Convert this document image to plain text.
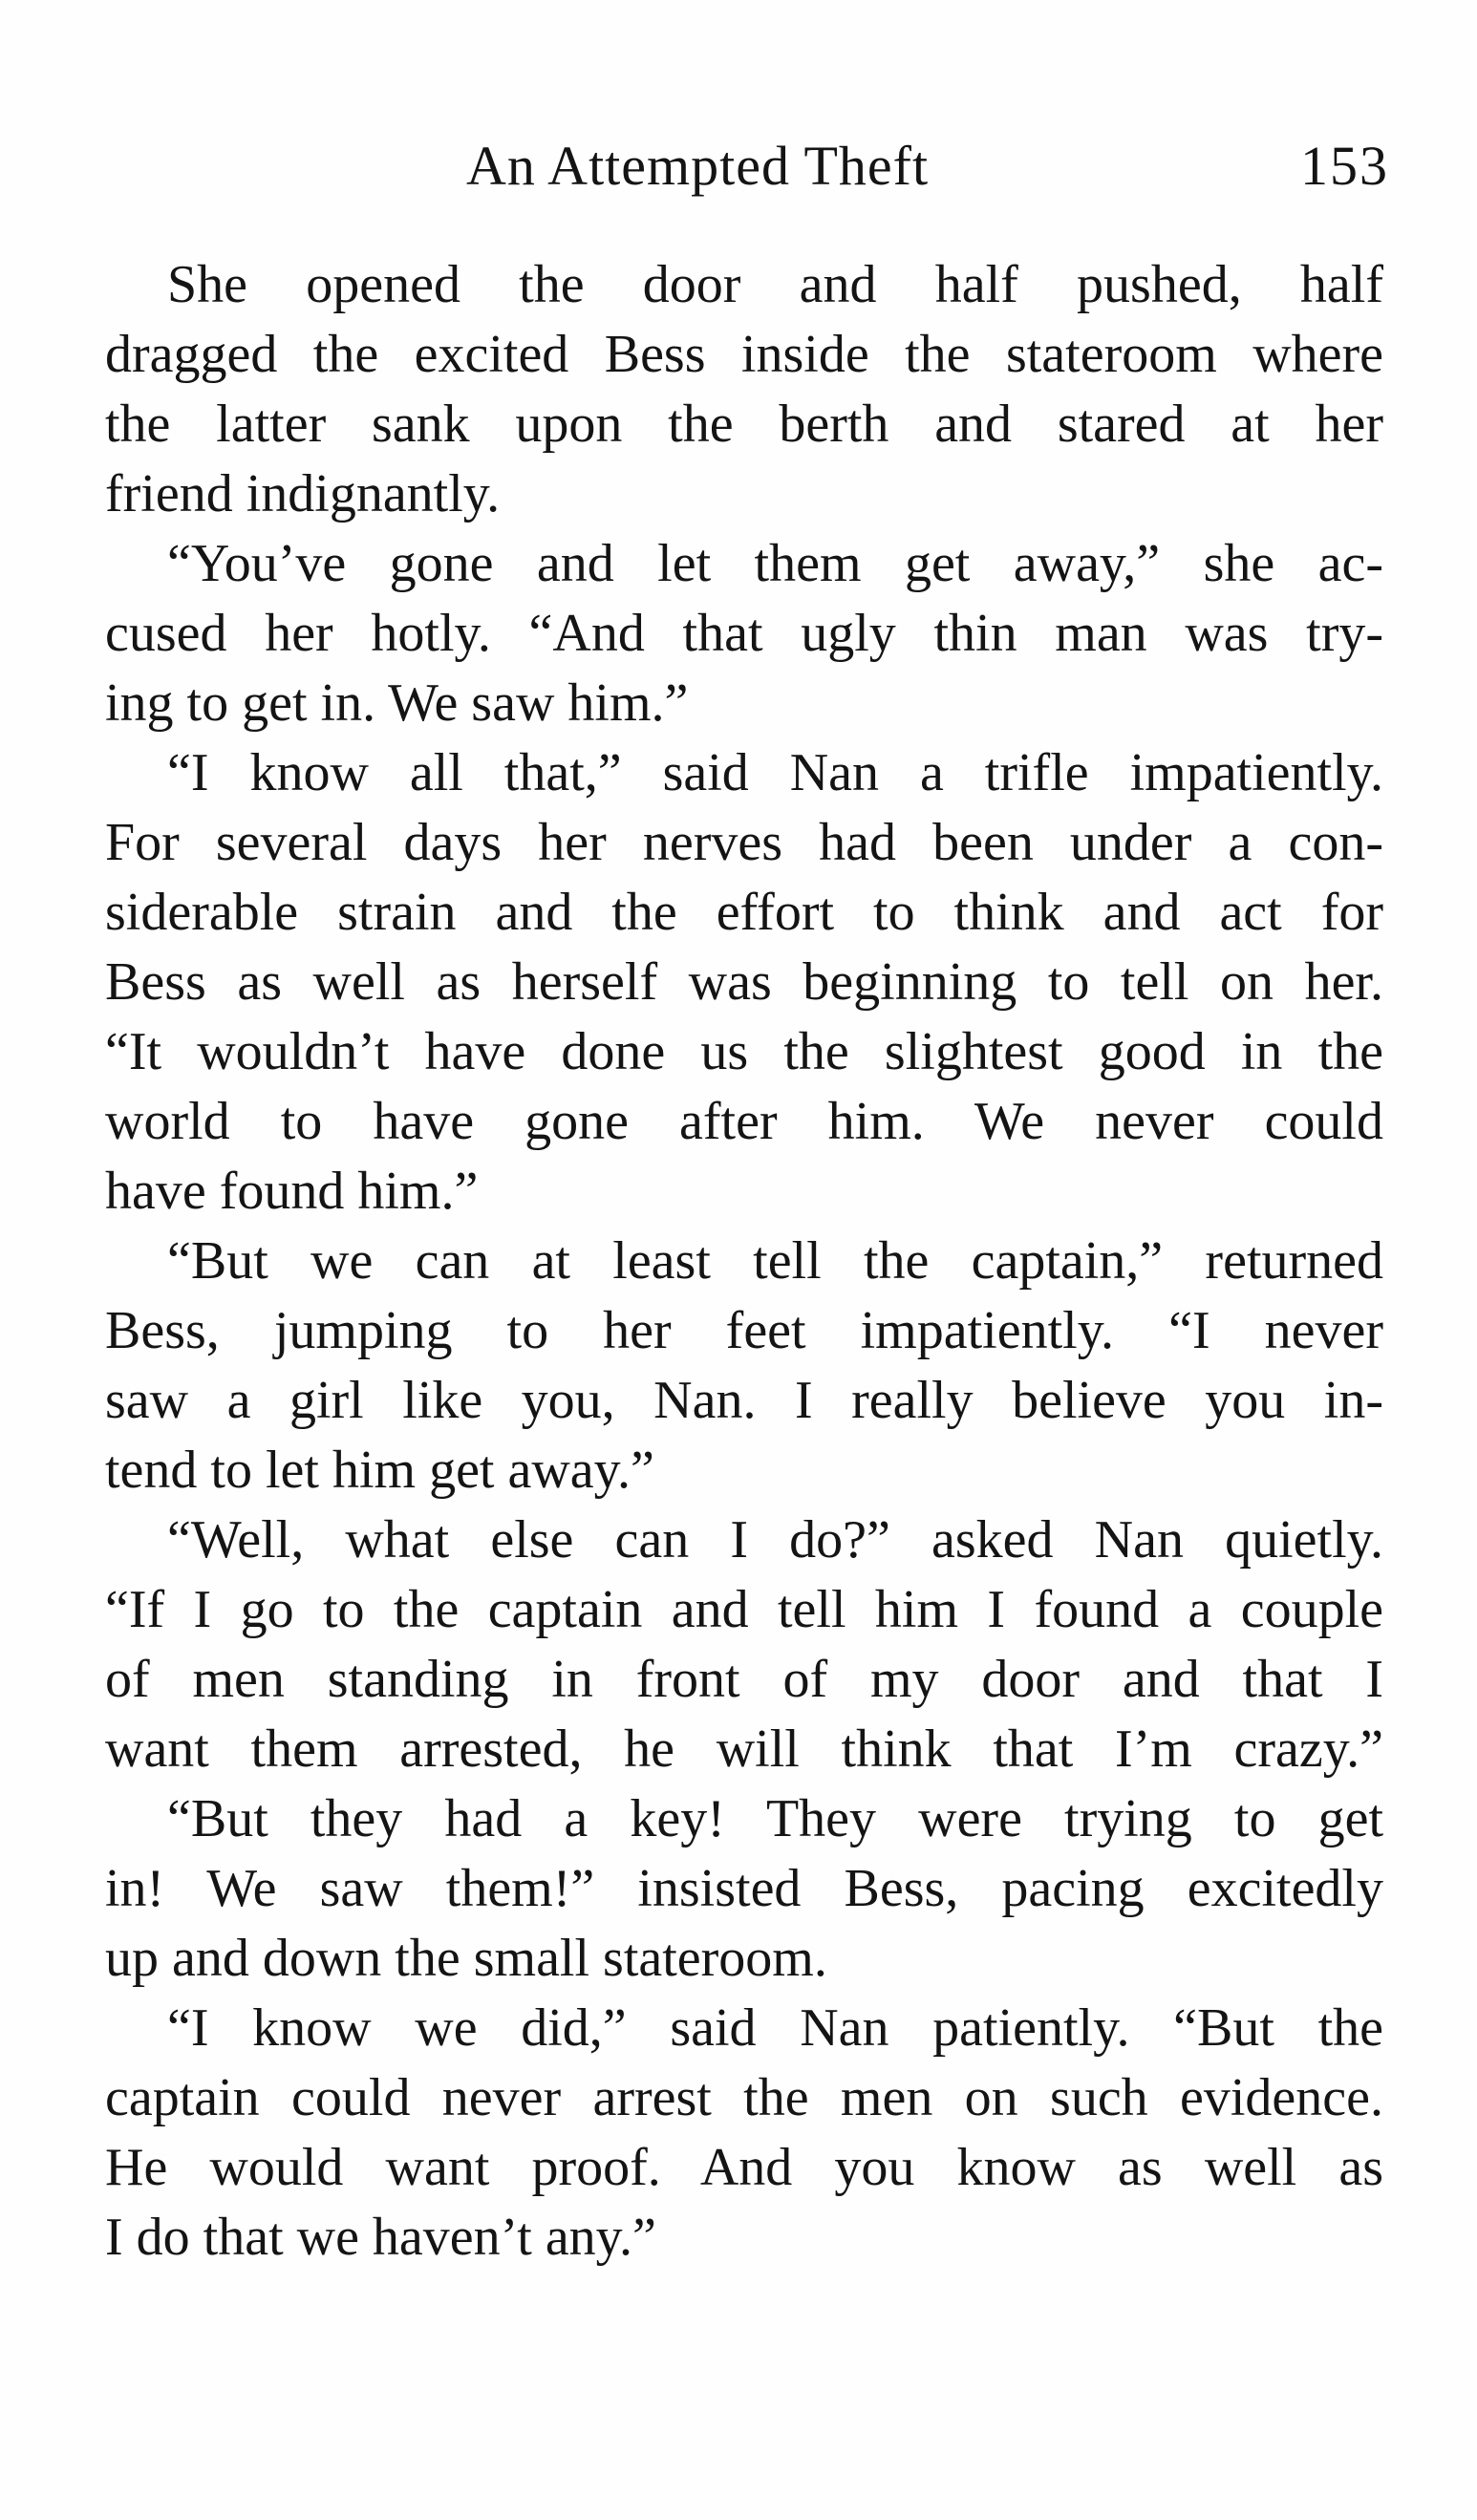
An Attempted Theft	153
She opened the door and half pushed, half
dragged the excited Bess inside the stateroom where
the latter sank upon the berth and stared at her
friend indignantly.
“You’ve gone and let them get away,” she ac-
cused her hotly. “And that ugly thin man was try-
ing to get in. We saw him.”
“I know all that,” said Nan a trifle impatiently.
For several days her nerves had been under a con-
siderable strain and the effort to think and act for
Bess as well as herself was beginning to tell on her.
“It wouldn’t have done us the slightest good in the
world to have gone after him. We never could
have found him.”
“But we can at least tell the captain,” returned
Bess, jumping to her feet impatiently. “I never
saw a girl like you, Nan. I really believe you in-
tend to let him get away.”
“Well, what else can I do?” asked Nan quietly.
“If I go to the captain and tell him I found a couple
of men standing in front of my door and that I
want them arrested, he will think that I’m crazy.”
“But they had a key! They were trying to get
in! We saw them!” insisted Bess, pacing excitedly
up and down the small stateroom.
“I know we did,” said Nan patiently. “But the
captain could never arrest the men on such evidence.
He would want proof. And you know as well as
I do that we haven’t any.”
